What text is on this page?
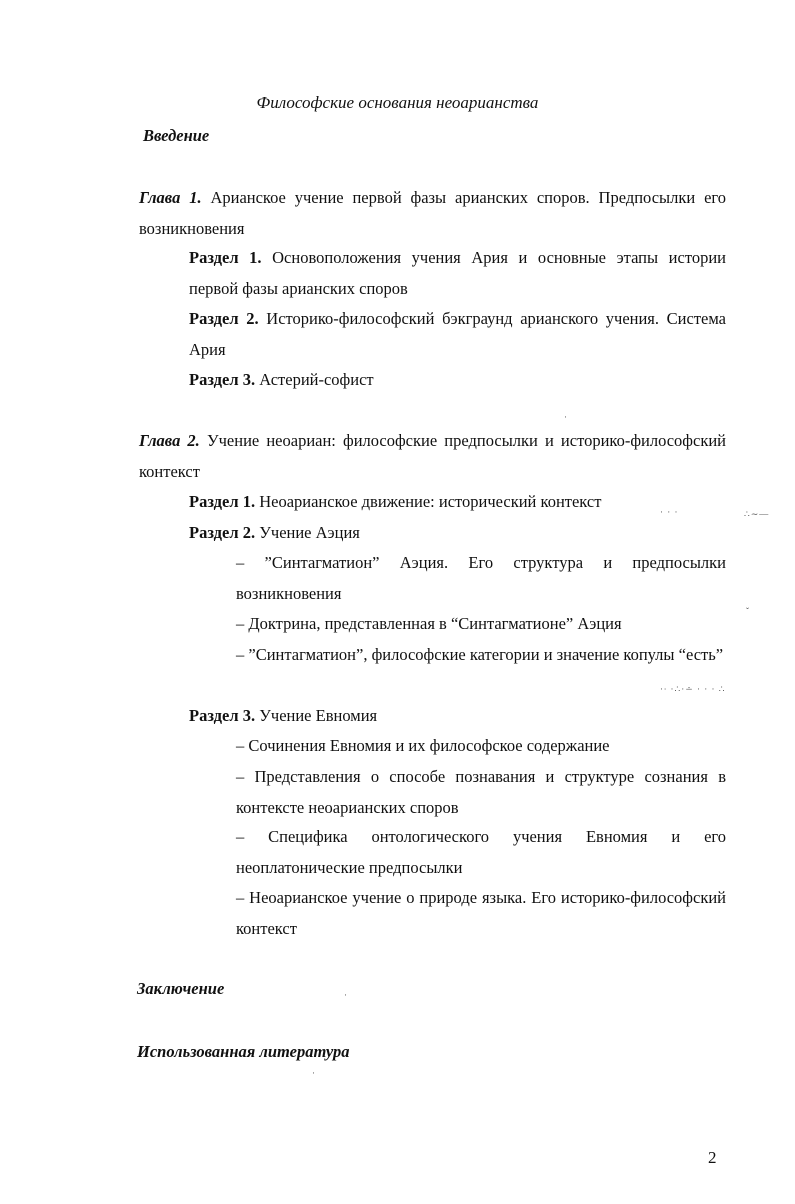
Философские основания неоарианства
Введение
Глава 1. Арианское учение первой фазы арианских споров. Предпосылки его возникновения
Раздел 1. Основоположения учения Ария и основные этапы истории первой фазы арианских споров
Раздел 2. Историко-философский бэкграунд арианского учения. Система Ария
Раздел 3. Астерий-софист
Глава 2. Учение неоариан: философские предпосылки и историко-философский контекст
Раздел 1. Неоарианское движение: исторический контекст
Раздел 2. Учение Аэция
– ”Синтагматион” Аэция. Его структура и предпосылки возникновения
– Доктрина, представленная в “Синтагматионе” Аэция
– ”Синтагматион”, философские категории и значение копулы “есть”
Раздел 3. Учение Евномия
– Сочинения Евномия и их философское содержание
– Представления о способе познавания и структуре сознания в контексте неоарианских споров
– Специфика онтологического учения Евномия и его неоплатонические предпосылки
– Неоарианское учение о природе языка. Его историко-философский контекст
Заключение
Использованная литература
2
·
· · ·	∴∼—
ˇ
·∙ ·∴·∸ · · · ∴
·
·
